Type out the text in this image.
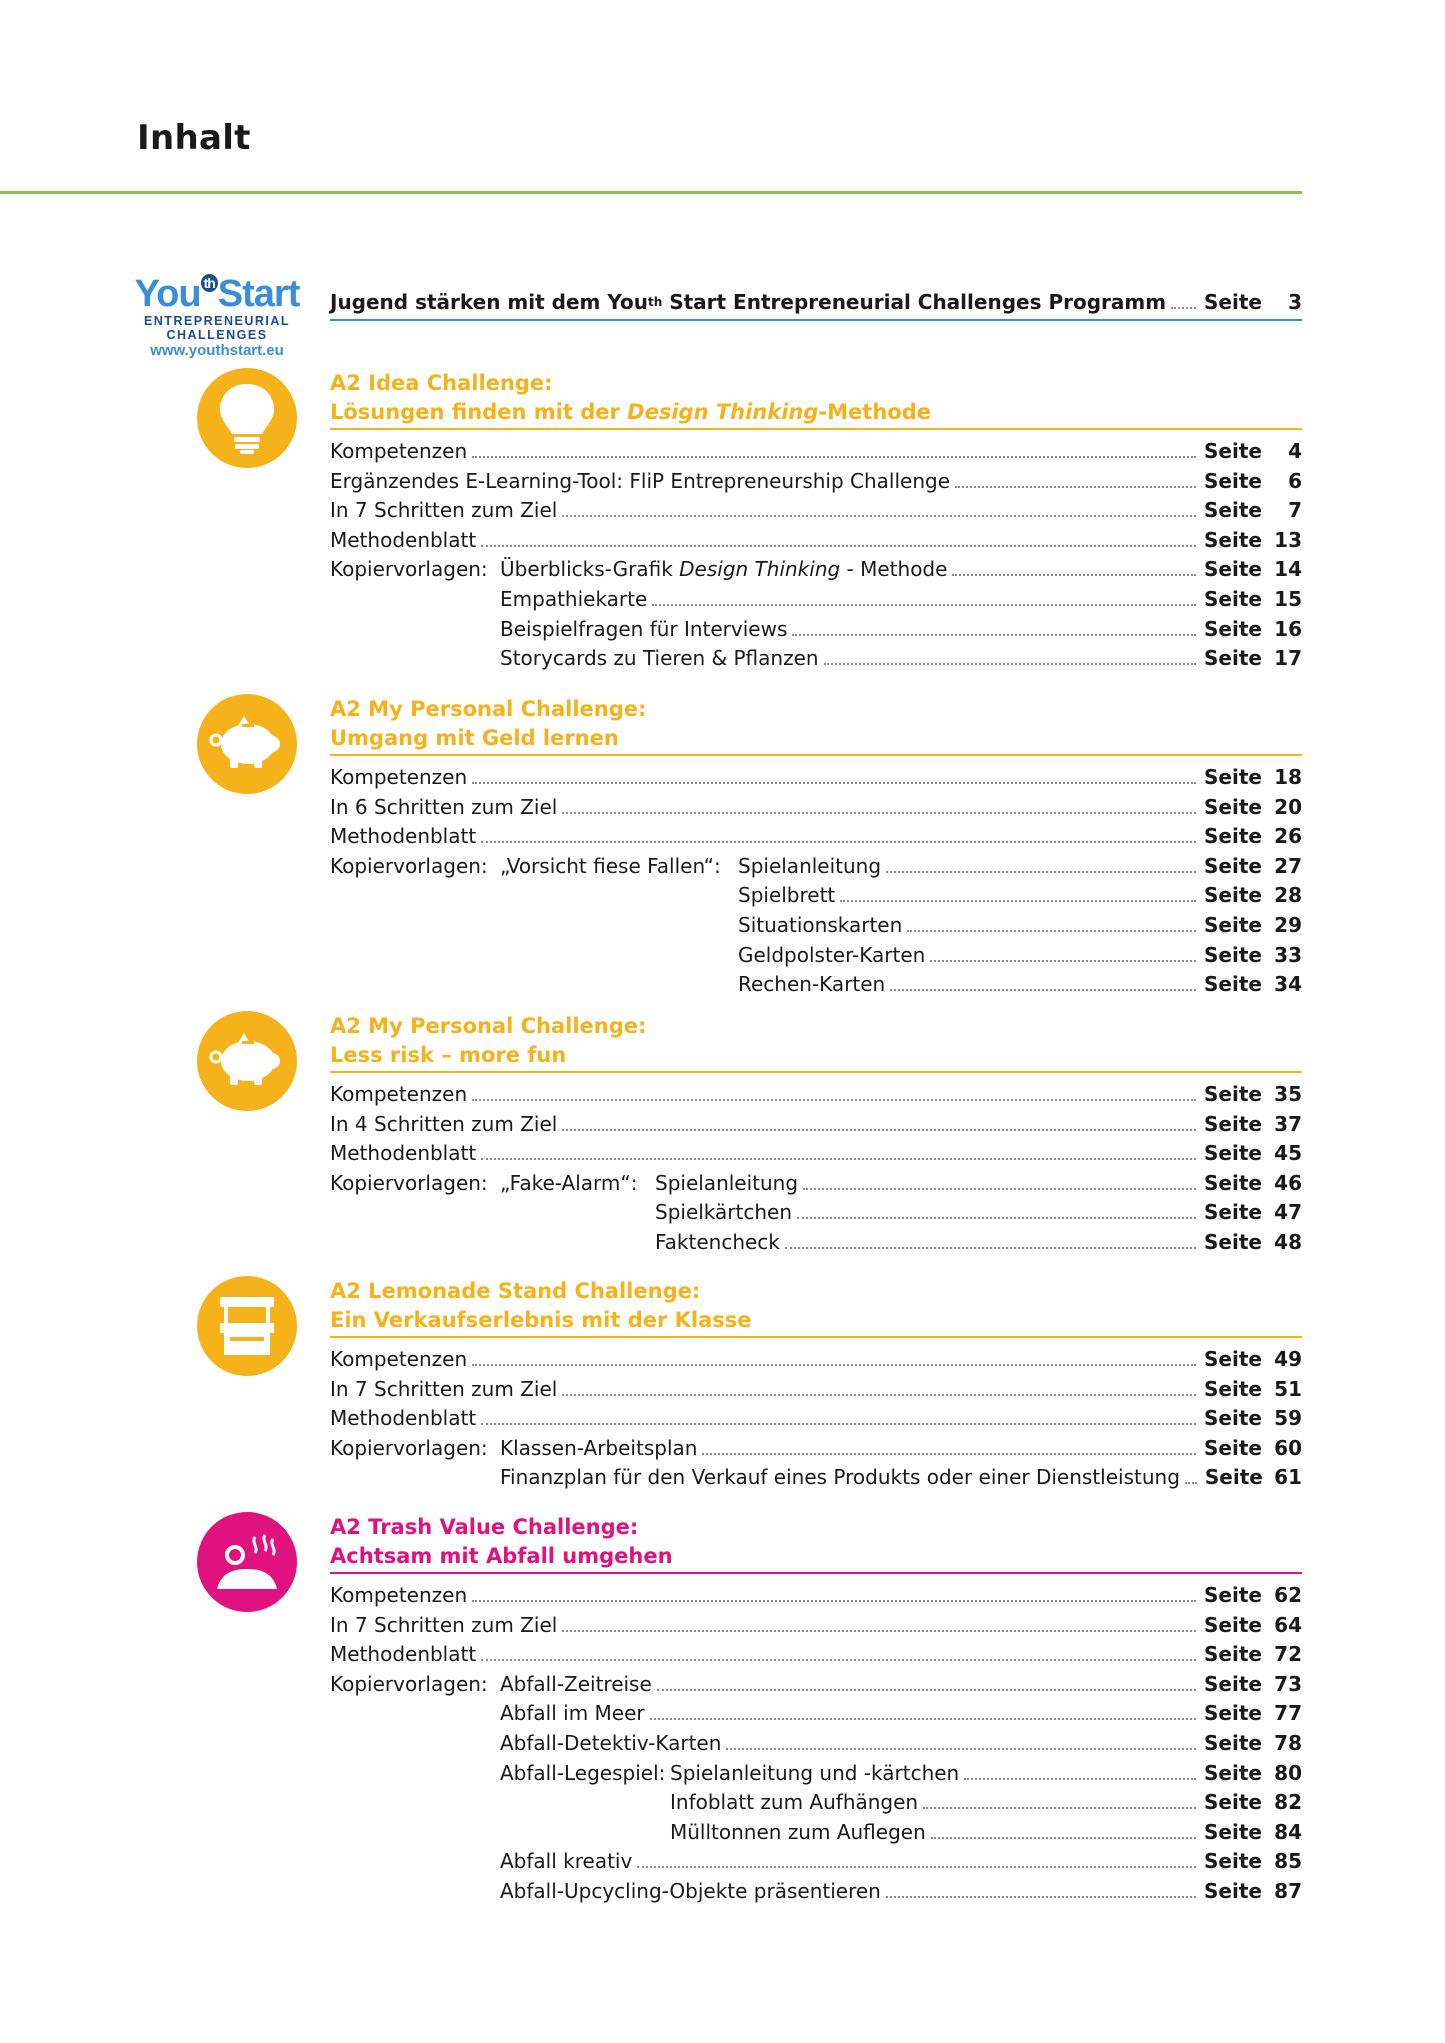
Inhalt
You $^{th}$Start
ENTREPRENEURIAL
CHALLENGES
www.youthstart.eu
Jugend stärken mit dem You th Start Entrepreneurial Challenges Programm Seite	3
A2 Idea Challenge:
Lösungen finden mit der Design Thinking-Methode
Kompetenzen	Seite	4
Ergänzendes E-Learning-Tool: FliP Entrepreneurship Challenge	Seite	6
In 7 Schritten zum Ziel	Seite	7
Methodenblatt	Seite 13
Kopiervorlagen: Überblicks-Grafik Design Thinking - Methode	Seite 14
Empathiekarte	Seite 15
Beispielfragen für Interviews	Seite 16
Storycards zu Tieren & Pflanzen	Seite 17
A2 My Personal Challenge:
Umgang mit Geld lernen
Kompetenzen	Seite 18
In 6 Schritten zum Ziel	Seite 20
Methodenblatt	Seite 26
Kopiervorlagen: „Vorsicht fiese Fallen“: Spielanleitung	Seite 27
Spielbrett	Seite 28
Situationskarten	Seite 29
Geldpolster-Karten	Seite 33
Rechen-Karten	Seite 34
A2 My Personal Challenge:
Less risk – more fun
Kompetenzen	Seite 35
In 4 Schritten zum Ziel	Seite 37
Methodenblatt	Seite 45
Kopiervorlagen: „Fake-Alarm“: Spielanleitung	Seite 46
Spielkärtchen	Seite 47
Faktencheck	Seite 48
A2 Lemonade Stand Challenge:
Ein Verkaufserlebnis mit der Klasse
Kompetenzen	Seite 49
In 7 Schritten zum Ziel	Seite 51
Methodenblatt	Seite 59
Kopiervorlagen: Klassen-Arbeitsplan	Seite 60
Finanzplan für den Verkauf eines Produkts oder einer Dienstleistung Seite 61
A2 Trash Value Challenge:
Achtsam mit Abfall umgehen
Kompetenzen	Seite 62
In 7 Schritten zum Ziel	Seite 64
Methodenblatt	Seite 72
Kopiervorlagen: Abfall-Zeitreise	Seite 73
Abfall im Meer	Seite 77
Abfall-Detektiv-Karten	Seite 78
Abfall-Legespiel: Spielanleitung und -kärtchen	Seite 80
Infoblatt zum Aufhängen	Seite 82
Mülltonnen zum Auflegen	Seite 84
Abfall kreativ	Seite 85
Abfall-Upcycling-Objekte präsentieren	Seite 87
